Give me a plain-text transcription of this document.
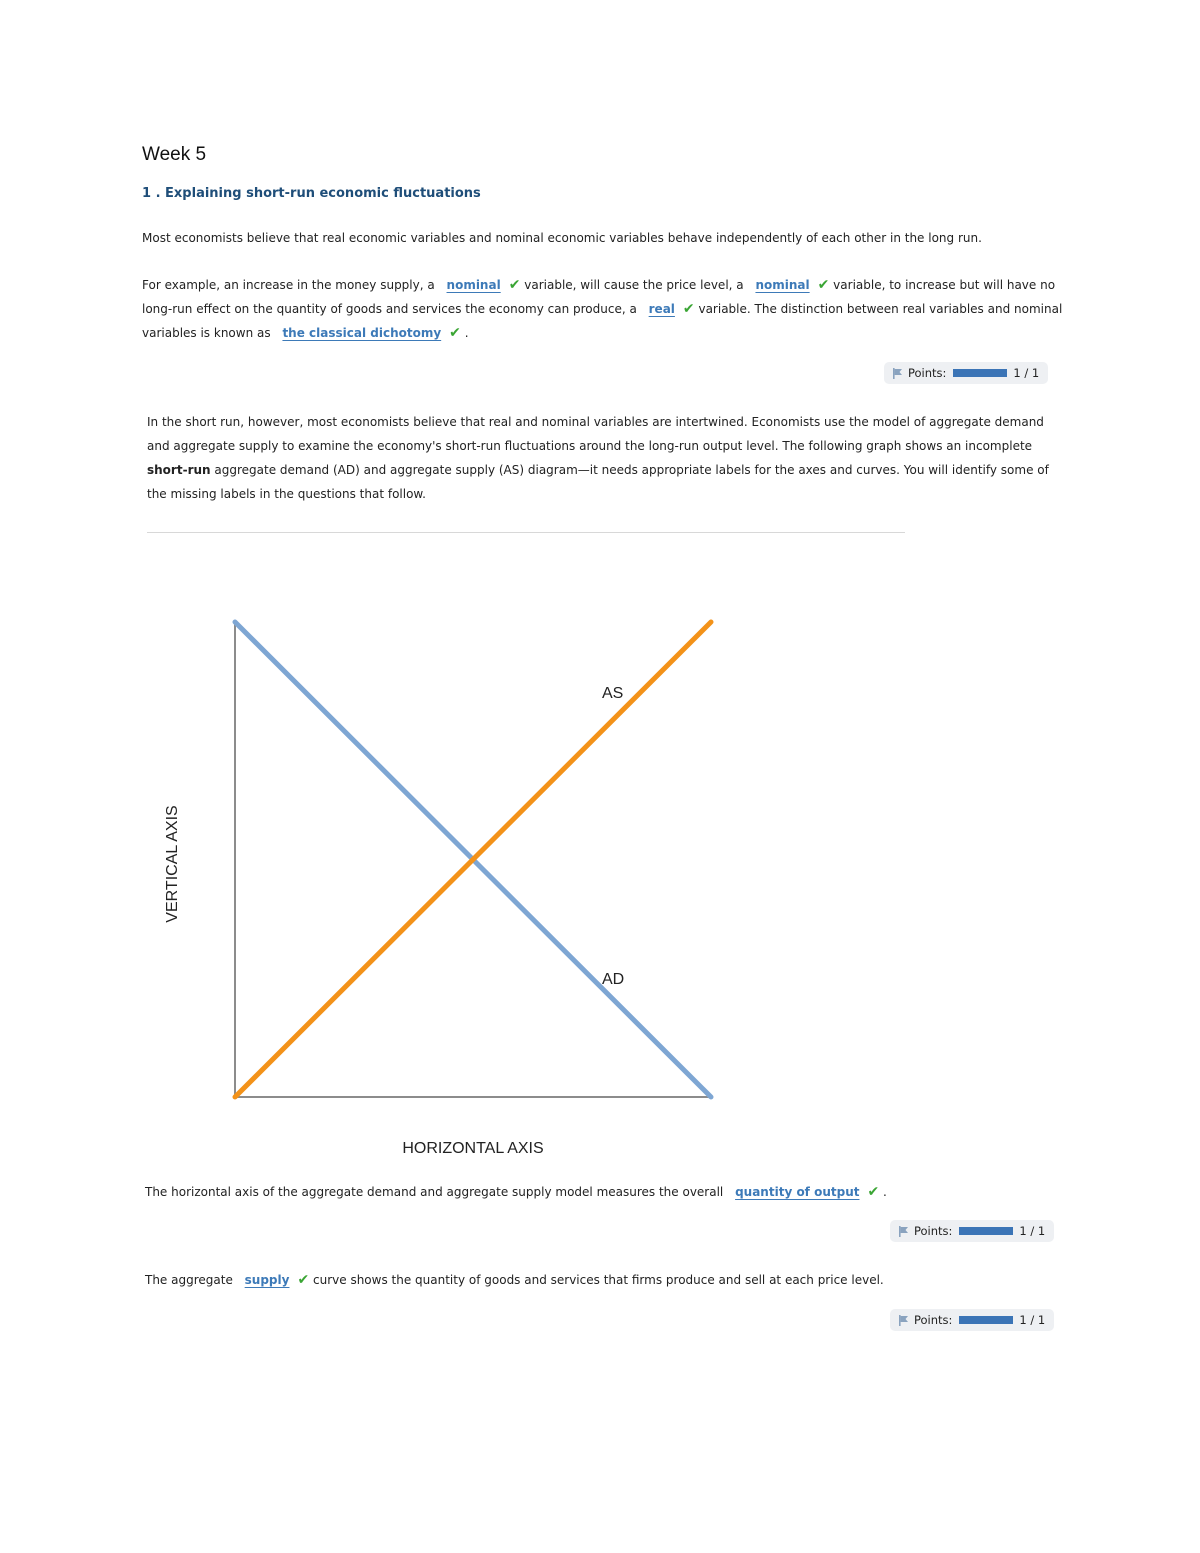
Week 5
1 . Explaining short-run economic fluctuations
Most economists believe that real economic variables and nominal economic variables behave independently of each other in the long run.
For example, an increase in the money supply, a nominal ✔ variable, will cause the price level, a nominal ✔ variable, to increase but will have no long-run effect on the quantity of goods and services the economy can produce, a real ✔ variable. The distinction between real variables and nominal variables is known as the classical dichotomy ✔ .
Points:	1 / 1
In the short run, however, most economists believe that real and nominal variables are intertwined. Economists use the model of aggregate demand and aggregate supply to examine the economy's short-run fluctuations around the long-run output level. The following graph shows an incomplete short-run aggregate demand (AD) and aggregate supply (AS) diagram—it needs appropriate labels for the axes and curves. You will identify some of the missing labels in the questions that follow.
AS
AD
HORIZONTAL AXIS
VERTICAL AXIS
The horizontal axis of the aggregate demand and aggregate supply model measures the overall quantity of output ✔ .
Points:	1 / 1
The aggregate supply ✔ curve shows the quantity of goods and services that firms produce and sell at each price level.
Points:	1 / 1
